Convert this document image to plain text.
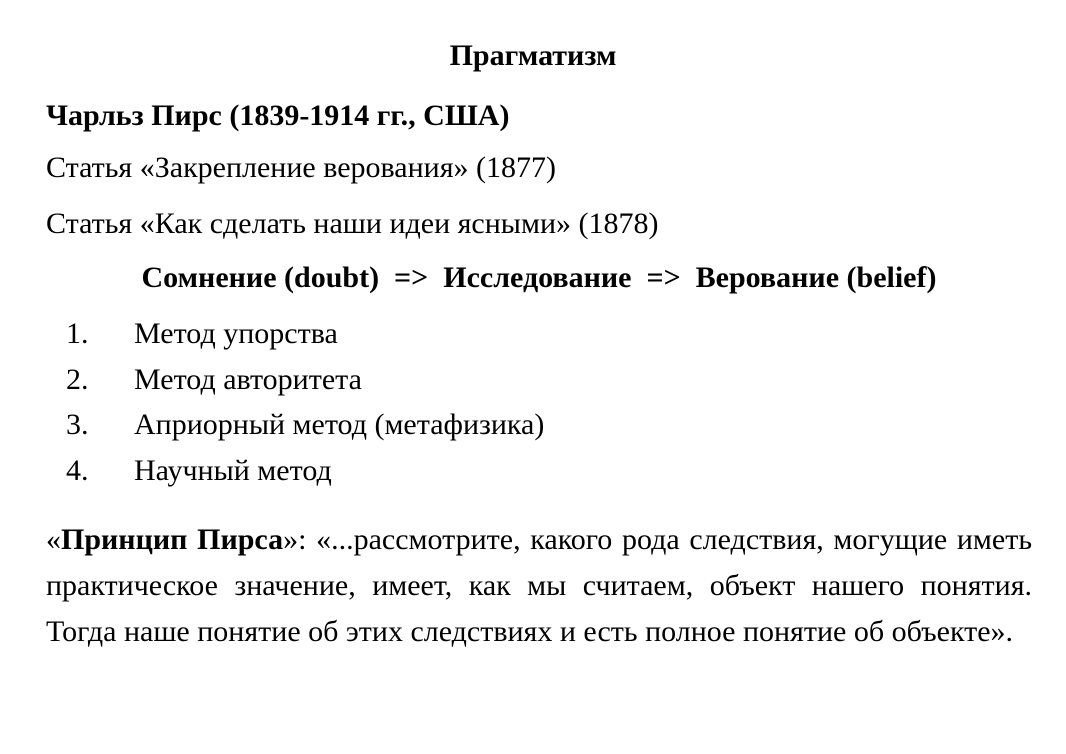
Прагматизм

Чарльз Пирс (1839-1914 гг., США)

Статья «Закрепление верования» (1877)

Статья «Как сделать наши идеи ясными» (1878)

Сомнение (doubt)  =>  Исследование  =>  Верование (belief)

1. Метод упорства
2. Метод авторитета
3. Априорный метод (метафизика)
4. Научный метод

«Принцип Пирса»: «...рассмотрите, какого рода следствия, могущие иметь практическое значение, имеет, как мы считаем, объект нашего понятия. Тогда наше понятие об этих следствиях и есть полное понятие об объекте».
